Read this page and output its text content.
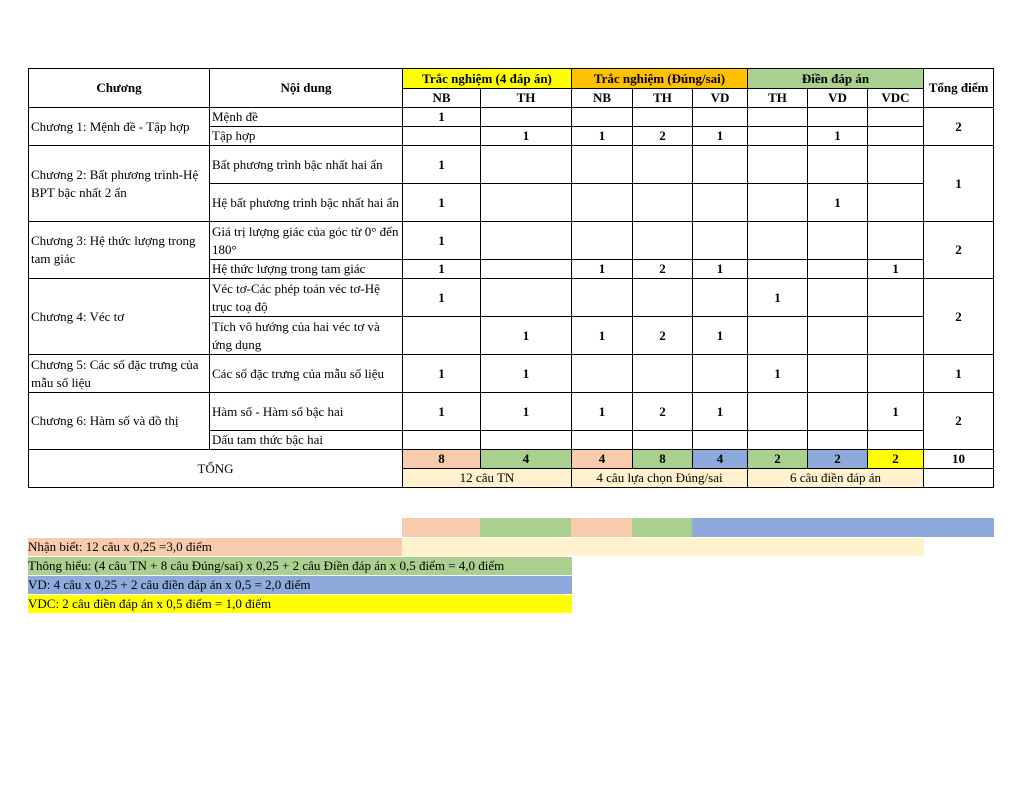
Chương	Nội dung	Trắc nghiệm (4 đáp án)		Trắc nghiệm (Đúng/sai)			Điền đáp án			Tổng điểm
		NB	TH	NB	TH	VD	TH	VD	VDC	
Chương 1: Mệnh đề - Tập hợp	Mệnh đề	1								2
	Tập hợp		1	1	2	1		1		
Chương 2: Bất phương trình-Hệ BPT bậc nhất 2 ẩn	Bất phương trình bậc nhất hai ẩn	1								1
	Hệ bất phương trình bậc nhất hai ẩn	1						1		
Chương 3: Hệ thức lượng trong tam giác	Giá trị lượng giác của góc từ 0° đến 180°	1								2
	Hệ thức lượng trong tam giác	1		1	2	1			1	
Chương 4: Véc tơ	Véc tơ-Các phép toán véc tơ-Hệ trục toạ độ	1					1			2
	Tích vô hướng của hai véc tơ và ứng dụng		1	1	2	1				
Chương 5: Các số đặc trưng của mẫu số liệu	Các số đặc trưng của mẫu số liệu	1	1				1			1
Chương 6: Hàm số và đồ thị	Hàm số - Hàm số bậc hai	1	1	1	2	1			1	2
	Dấu tam thức bậc hai									
TỔNG		8	4	4	8	4	2	2	2	10
		12 câu TN		4 câu lựa chọn Đúng/sai			6 câu điền đáp án			
Nhận biết: 12 câu x 0,25 =3,0 điểm
Thông hiểu: (4 câu TN + 8 câu Đúng/sai) x 0,25 + 2 câu Điền đáp án x 0,5 điểm = 4,0 điểm
VD: 4 câu x 0,25 + 2 câu điền đáp án x 0,5 = 2,0 điểm
VDC: 2 câu điền đáp án x 0,5 điểm = 1,0 điểm
